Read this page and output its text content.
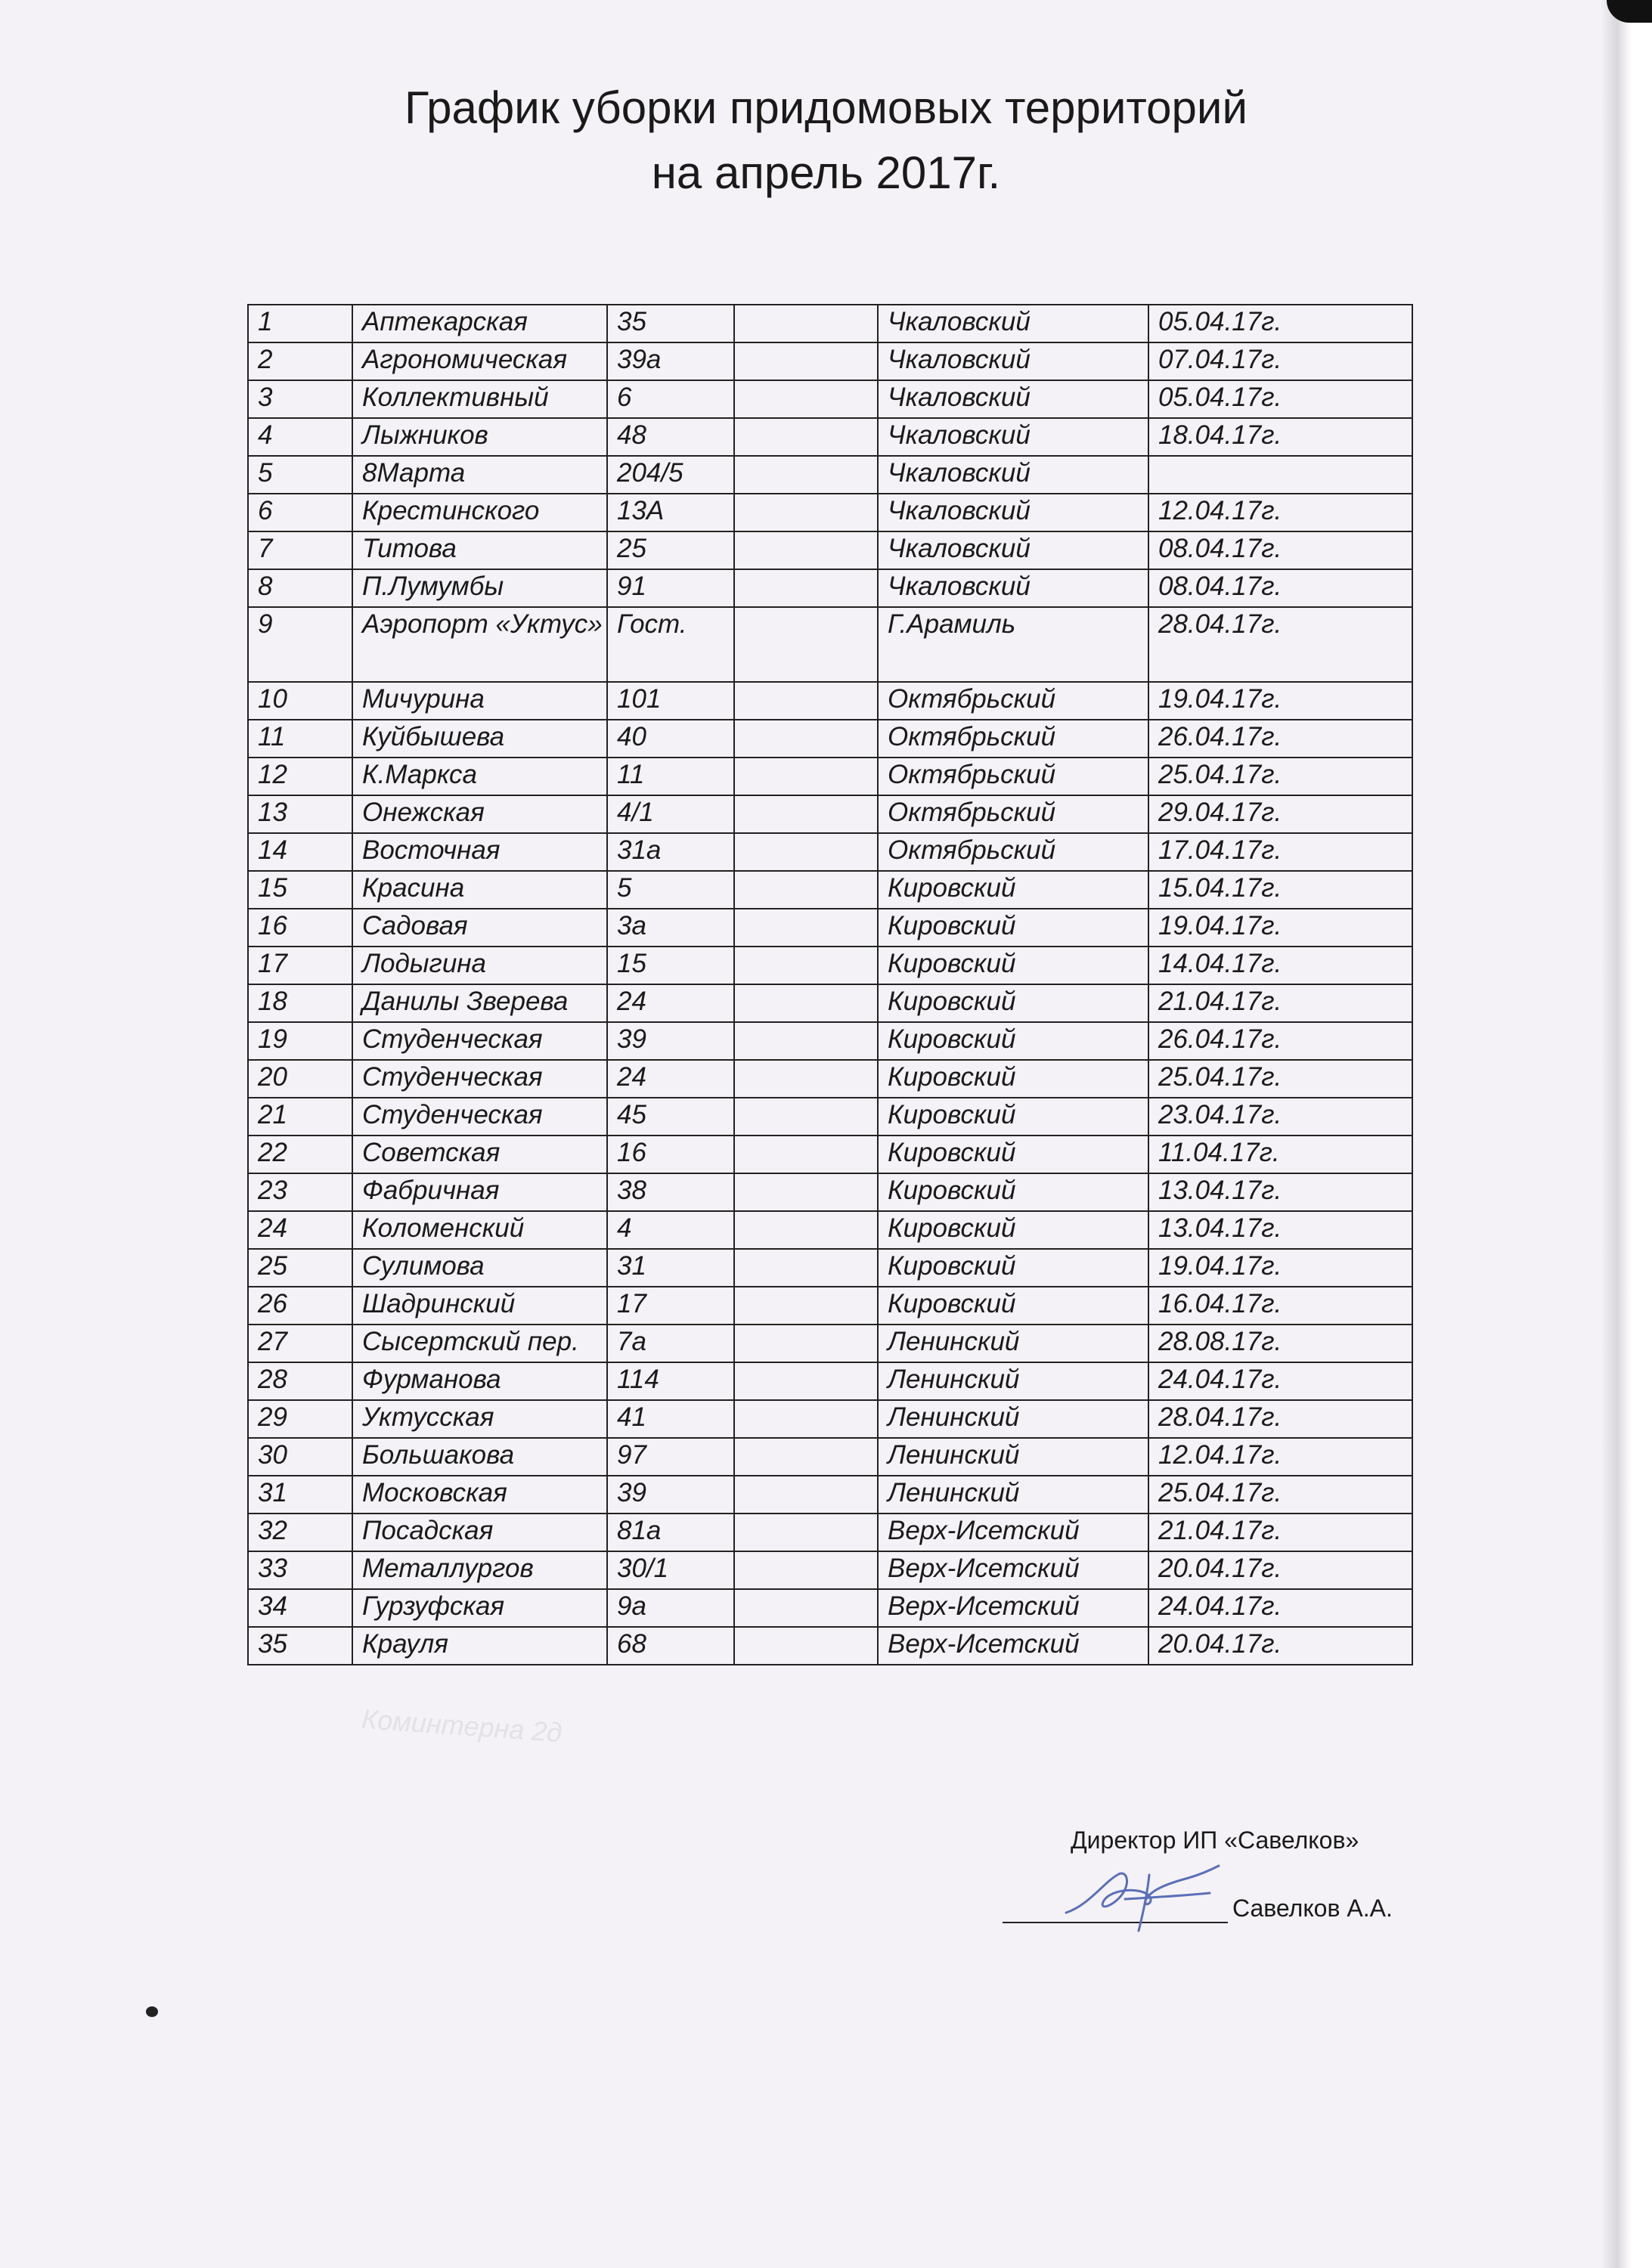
График уборки придомовых территорий
на апрель 2017г.
1	Аптекарская	35		Чкаловский	05.04.17г.
2	Агрономическая	39а		Чкаловский	07.04.17г.
3	Коллективный	6		Чкаловский	05.04.17г.
4	Лыжников	48		Чкаловский	18.04.17г.
5	8Марта	204/5		Чкаловский	
6	Крестинского	13А		Чкаловский	12.04.17г.
7	Титова	25		Чкаловский	08.04.17г.
8	П.Лумумбы	91		Чкаловский	08.04.17г.
9	Аэропорт «Уктус»	Гост.		Г.Арамиль	28.04.17г.
10	Мичурина	101		Октябрьский	19.04.17г.
11	Куйбышева	40		Октябрьский	26.04.17г.
12	К.Маркса	11		Октябрьский	25.04.17г.
13	Онежская	4/1		Октябрьский	29.04.17г.
14	Восточная	31а		Октябрьский	17.04.17г.
15	Красина	5		Кировский	15.04.17г.
16	Садовая	3а		Кировский	19.04.17г.
17	Лодыгина	15		Кировский	14.04.17г.
18	Данилы Зверева	24		Кировский	21.04.17г.
19	Студенческая	39		Кировский	26.04.17г.
20	Студенческая	24		Кировский	25.04.17г.
21	Студенческая	45		Кировский	23.04.17г.
22	Советская	16		Кировский	11.04.17г.
23	Фабричная	38		Кировский	13.04.17г.
24	Коломенский	4		Кировский	13.04.17г.
25	Сулимова	31		Кировский	19.04.17г.
26	Шадринский	17		Кировский	16.04.17г.
27	Сысертский пер.	7а		Ленинский	28.08.17г.
28	Фурманова	114		Ленинский	24.04.17г.
29	Уктусская	41		Ленинский	28.04.17г.
30	Большакова	97		Ленинский	12.04.17г.
31	Московская	39		Ленинский	25.04.17г.
32	Посадская	81а		Верх-Исетский	21.04.17г.
33	Металлургов	30/1		Верх-Исетский	20.04.17г.
34	Гурзуфская	9а		Верх-Исетский	24.04.17г.
35	Крауля	68		Верх-Исетский	20.04.17г.
Коминтерна 2д
Директор ИП «Савелков»
Савелков А.А.
